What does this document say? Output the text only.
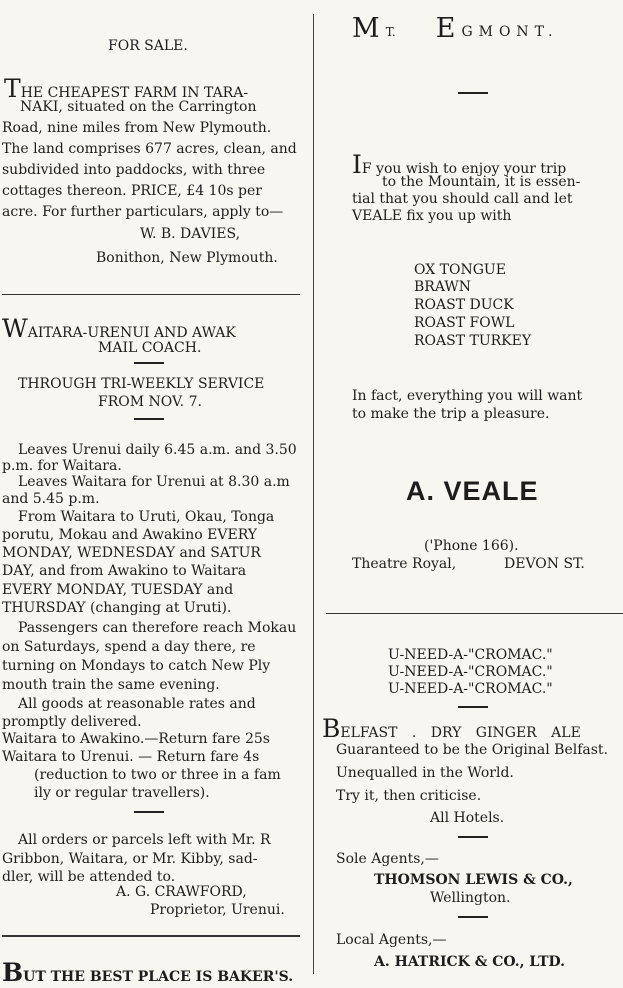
FOR SALE.
THE CHEAPEST FARM IN TARA-
NAKI, situated on the Carrington
Road, nine miles from New Plymouth.
The land comprises 677 acres, clean, and
subdivided into paddocks, with three
cottages thereon. PRICE, £4 10s per
acre. For further particulars, apply to—
W. B. DAVIES,
Bonithon, New Plymouth.
WAITARA-URENUI AND AWAK
MAIL COACH.
THROUGH TRI-WEEKLY SERVICE
FROM NOV. 7.
Leaves Urenui daily 6.45 a.m. and 3.50
p.m. for Waitara.
Leaves Waitara for Urenui at 8.30 a.m
and 5.45 p.m.
From Waitara to Uruti, Okau, Tonga
porutu, Mokau and Awakino EVERY
MONDAY, WEDNESDAY and SATUR
DAY, and from Awakino to Waitara
EVERY MONDAY, TUESDAY and
THURSDAY (changing at Uruti).
Passengers can therefore reach Mokau
on Saturdays, spend a day there, re
turning on Mondays to catch New Ply
mouth train the same evening.
All goods at reasonable rates and
promptly delivered.
Waitara to Awakino.—Return fare 25s
Waitara to Urenui. — Return fare 4s
(reduction to two or three in a fam
ily or regular travellers).
All orders or parcels left with Mr. R
Gribbon, Waitara, or Mr. Kibby, sad-
dler, will be attended to.
A. G. CRAWFORD,
Proprietor, Urenui.
BUT THE BEST PLACE IS BAKER'S.
M T. E GMONT.
IF you wish to enjoy your trip
to the Mountain, it is essen-
tial that you should call and let
VEALE fix you up with
OX TONGUE
BRAWN
ROAST DUCK
ROAST FOWL
ROAST TURKEY
In fact, everything you will want
to make the trip a pleasure.
A. VEALE
('Phone 166).
Theatre Royal,	DEVON ST.
U-NEED-A-"CROMAC."
U-NEED-A-"CROMAC."
U-NEED-A-"CROMAC."
BELFAST . DRY GINGER ALE
Guaranteed to be the Original Belfast.
Unequalled in the World.
Try it, then criticise.
All Hotels.
Sole Agents,—
THOMSON LEWIS & CO.,
Wellington.
Local Agents,—
A. HATRICK & CO., LTD.
